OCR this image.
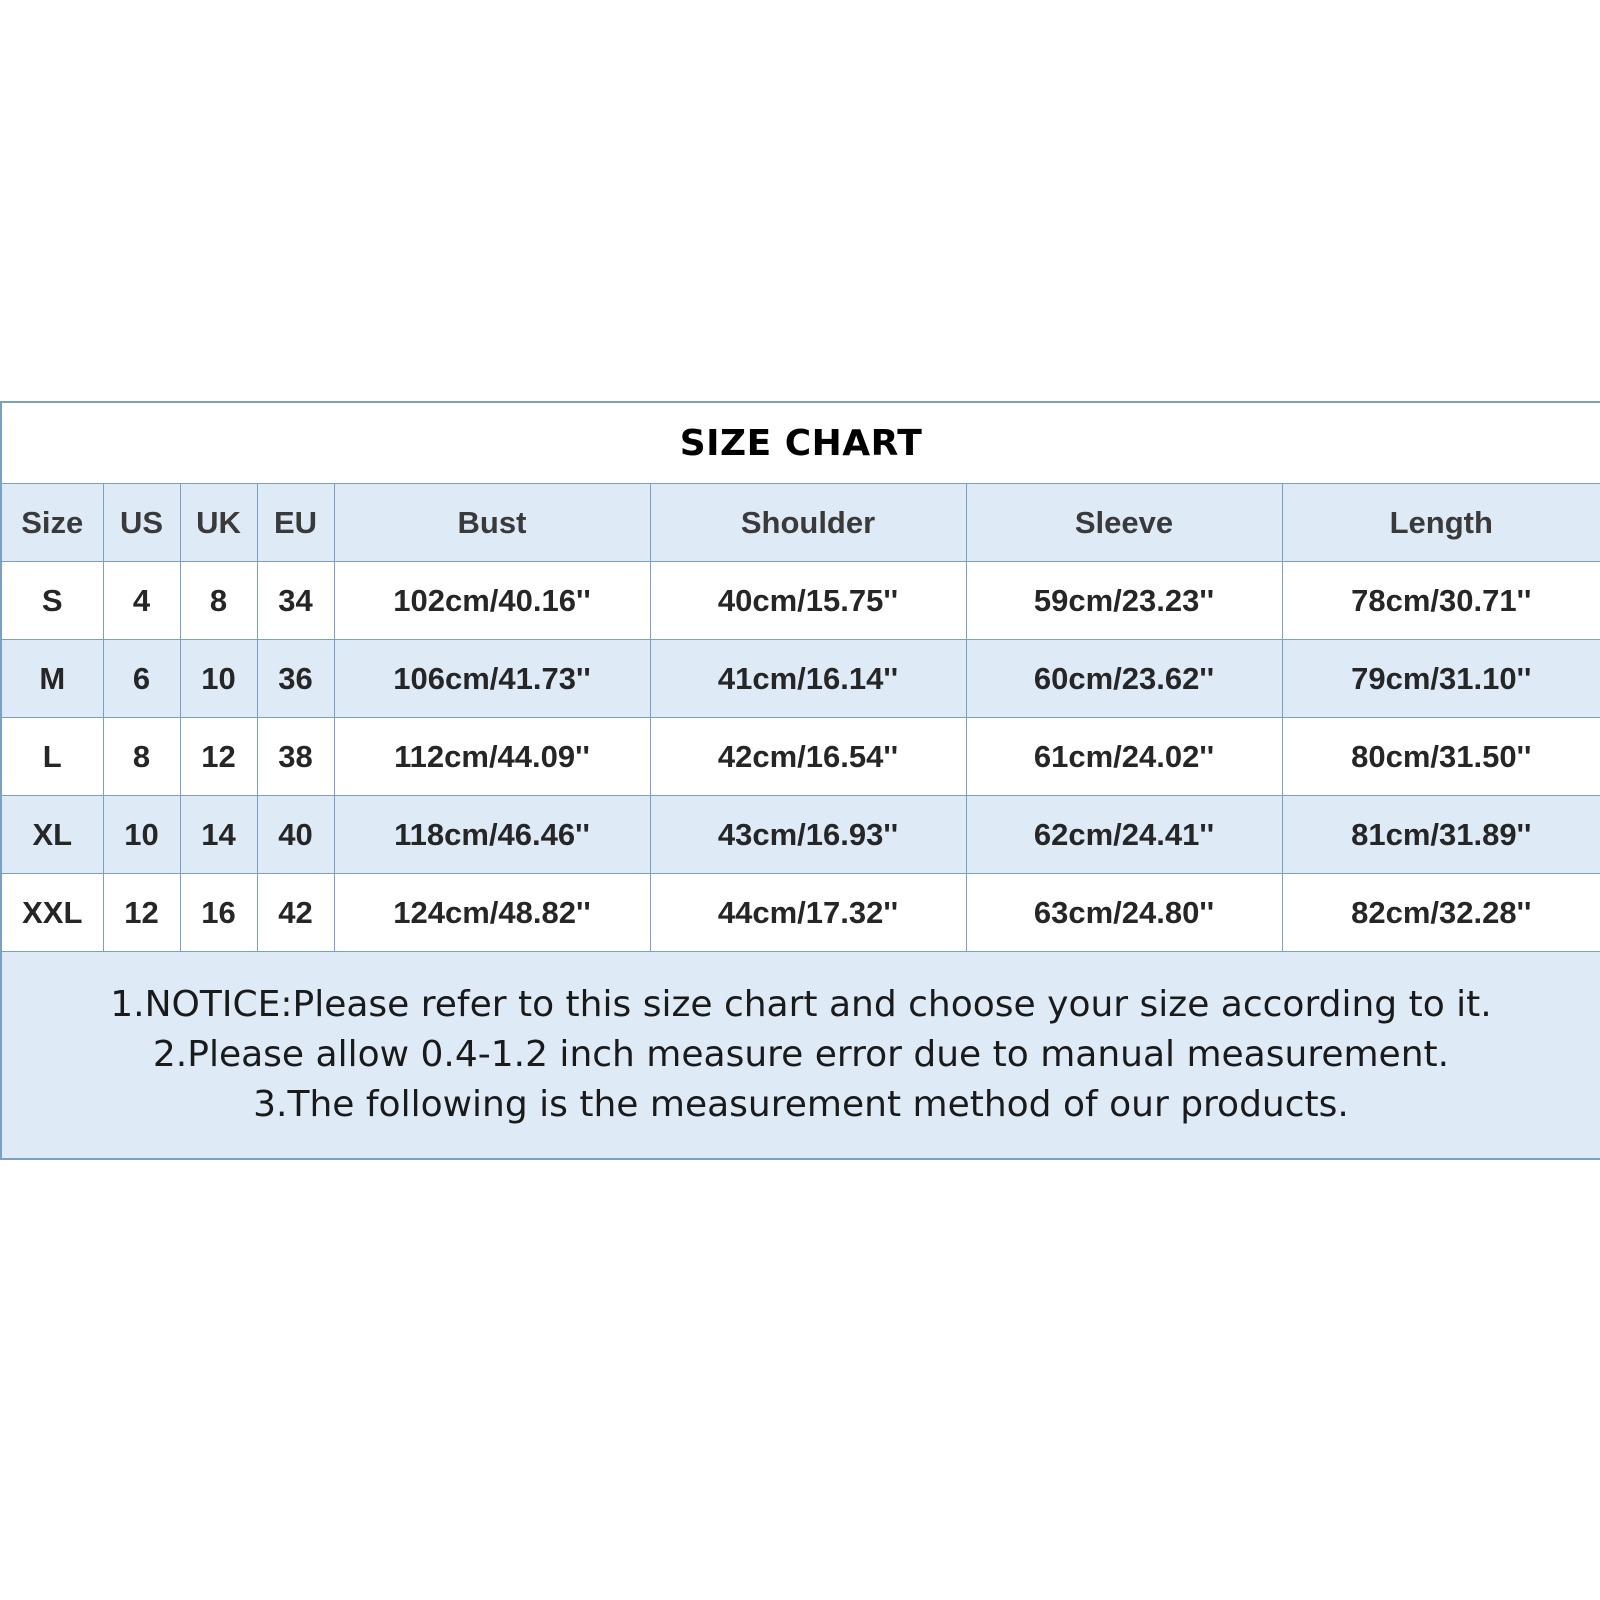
SIZE CHART							
Size	US	UK	EU	Bust	Shoulder	Sleeve	Length
S	4	8	34	102cm/40.16''	40cm/15.75''	59cm/23.23''	78cm/30.71''
M	6	10	36	106cm/41.73''	41cm/16.14''	60cm/23.62''	79cm/31.10''
L	8	12	38	112cm/44.09''	42cm/16.54''	61cm/24.02''	80cm/31.50''
XL	10	14	40	118cm/46.46''	43cm/16.93''	62cm/24.41''	81cm/31.89''
XXL	12	16	42	124cm/48.82''	44cm/17.32''	63cm/24.80''	82cm/32.28''

1.NOTICE:Please refer to this size chart and choose your size according to it.
2.Please allow 0.4-1.2 inch measure error due to manual measurement.
3.The following is the measurement method of our products.							
